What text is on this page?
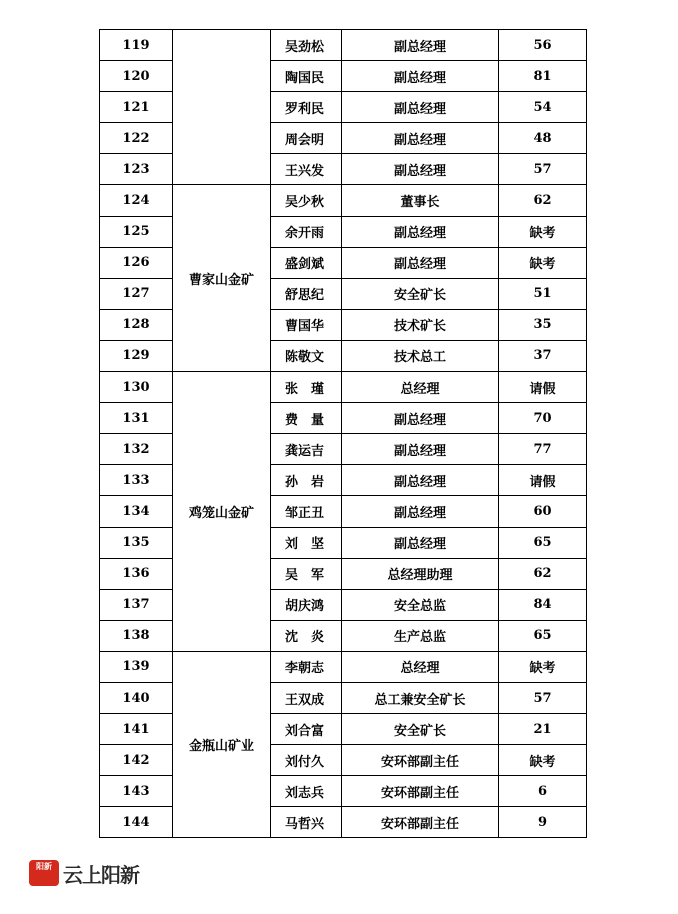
119		吴劲松	副总经理	56
120		陶国民	副总经理	81
121		罗利民	副总经理	54
122		周会明	副总经理	48
123		王兴发	副总经理	57
124	曹家山金矿	吴少秋	董事长	62
125		余开雨	副总经理	缺考
126		盛剑斌	副总经理	缺考
127		舒思纪	安全矿长	51
128		曹国华	技术矿长	35
129		陈敬文	技术总工	37
130	鸡笼山金矿	张　瑾	总经理	请假
131		费　量	副总经理	70
132		龚运吉	副总经理	77
133		孙　岩	副总经理	请假
134		邹正丑	副总经理	60
135		刘　坚	副总经理	65
136		吴　军	总经理助理	62
137		胡庆鸿	安全总监	84
138		沈　炎	生产总监	65
139	金瓶山矿业	李朝志	总经理	缺考
140		王双成	总工兼安全矿长	57
141		刘合富	安全矿长	21
142		刘付久	安环部副主任	缺考
143		刘志兵	安环部副主任	6
144		马哲兴	安环部副主任	9
阳新 云上阳新
